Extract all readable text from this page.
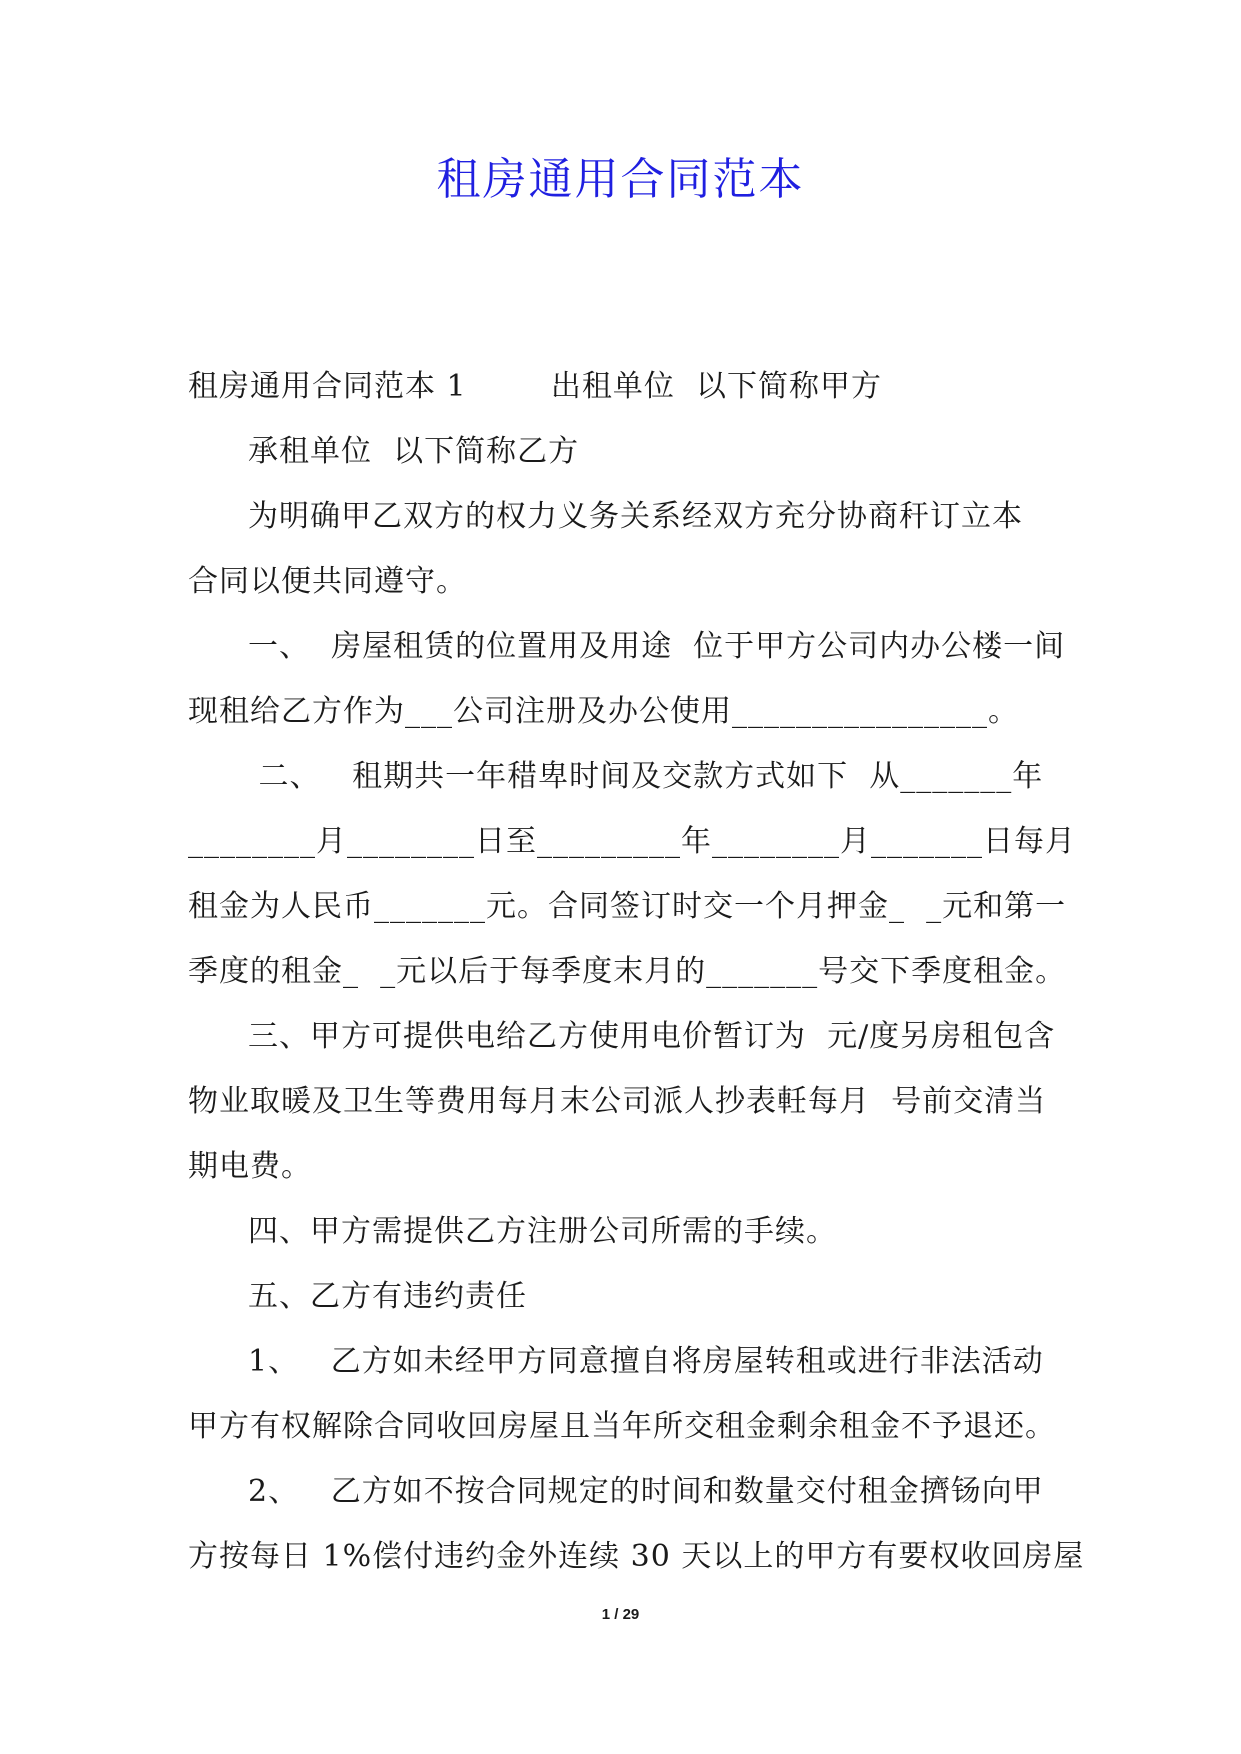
租房通用合同范本
租房通用合同范本 1        出租单位  以下简称甲方
承租单位  以下简称乙方
为明确甲乙双方的权力义务关系经双方充分协商秆订立本
合同以便共同遵守。
一、  房屋租赁的位置用及用途  位于甲方公司内办公楼一间
现租给乙方作为___公司注册及办公使用________________。
二、   租期共一年稓卑时间及交款方式如下  从_______年
________月________日至_________年________月_______日每月
租金为人民币_______元。合同签订时交一个月押金_  _元和第一
季度的租金_  _元以后于每季度末月的_______号交下季度租金。
三、甲方可提供电给乙方使用电价暂订为  元/度另房租包含
物业取暖及卫生等费用每月末公司派人抄表軠每月  号前交清当
期电费。
四、甲方需提供乙方注册公司所需的手续。
五、乙方有违约责任
1、   乙方如未经甲方同意擅自将房屋转租或进行非法活动
甲方有权解除合同收回房屋且当年所交租金剩余租金不予退还。
2、   乙方如不按合同规定的时间和数量交付租金擠钖向甲
方按每日 1%偿付违约金外连续 30 天以上的甲方有要权收回房屋
1 / 29
